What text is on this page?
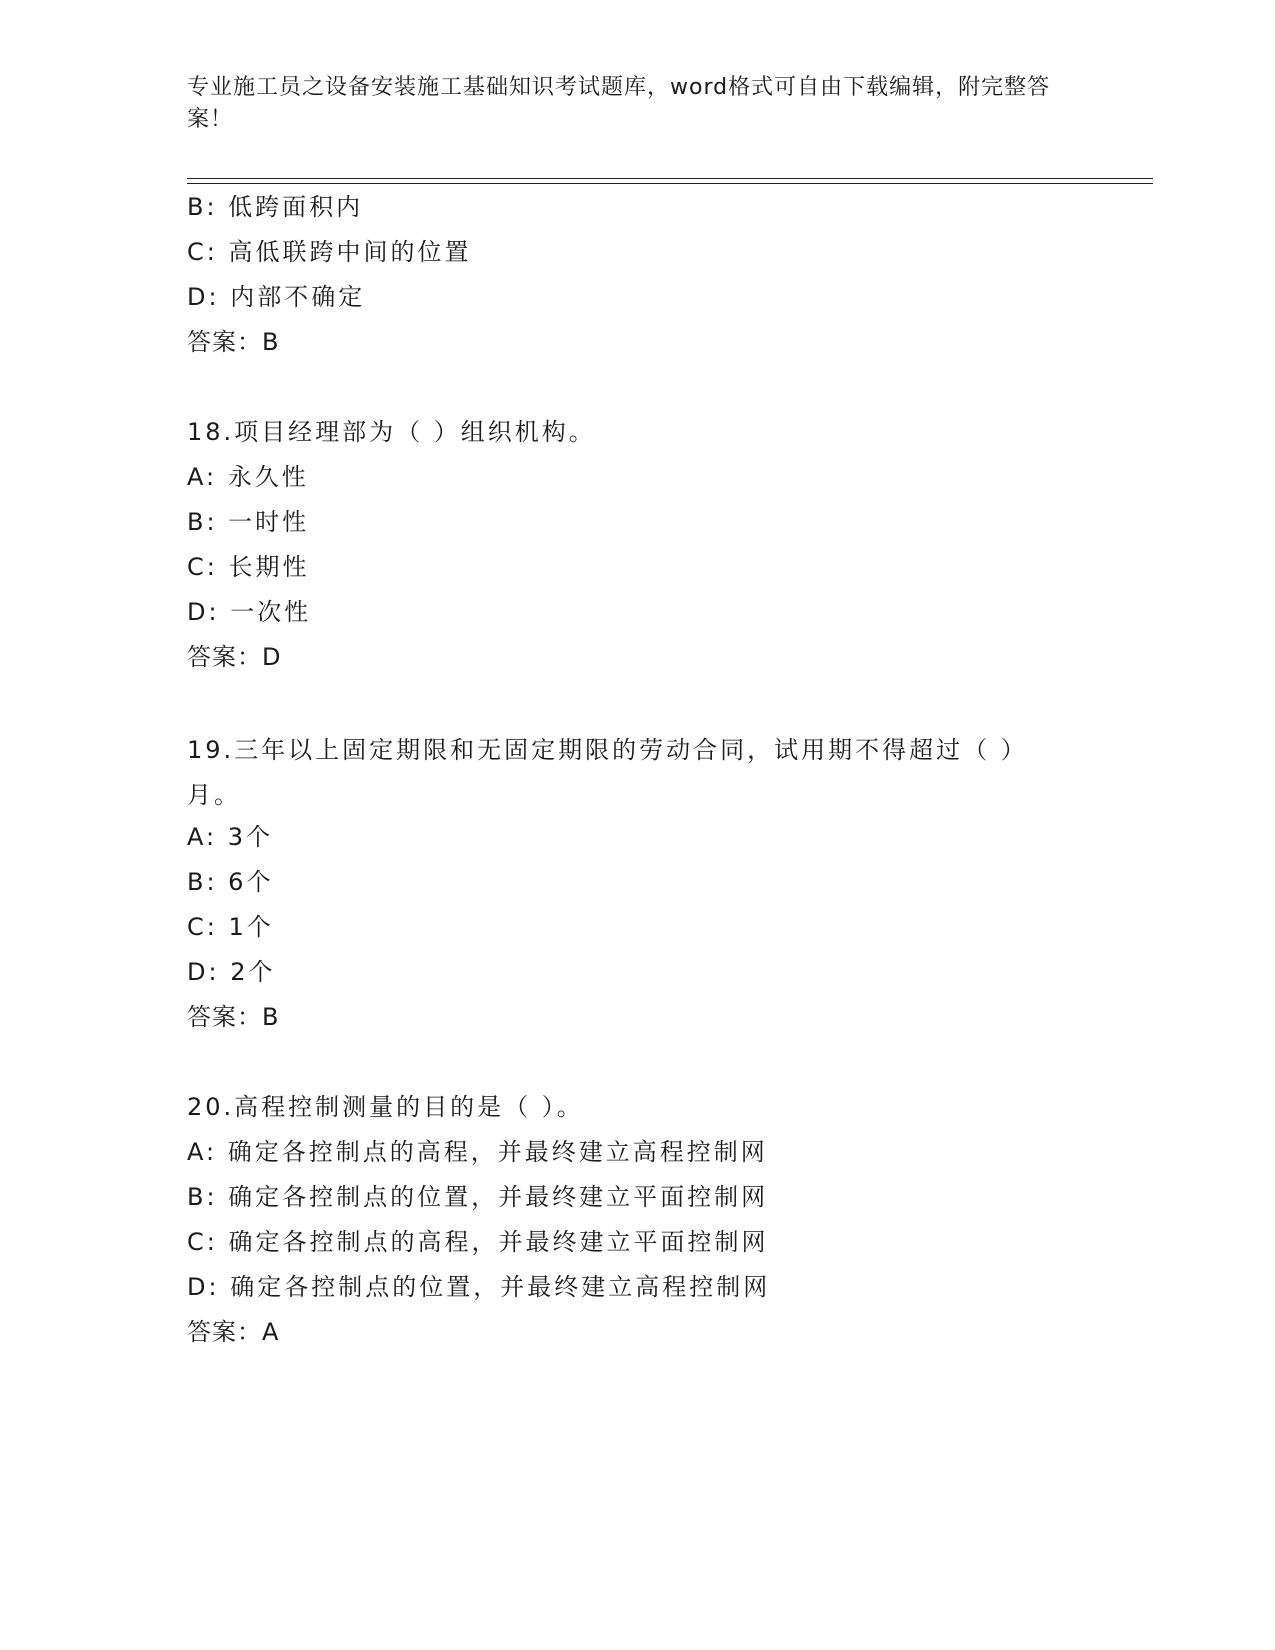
专业施工员之设备安装施工基础知识考试题库，word格式可自由下载编辑，附完整答案！
B: 低跨面积内
C: 高低联跨中间的位置
D: 内部不确定
答案：B
18.项目经理部为（ ）组织机构。
A: 永久性
B: 一时性
C: 长期性
D: 一次性
答案：D
19.三年以上固定期限和无固定期限的劳动合同，试用期不得超过（ ）月。
A: 3个
B: 6个
C: 1个
D: 2个
答案：B
20.高程控制测量的目的是（ ）。
A: 确定各控制点的高程，并最终建立高程控制网
B: 确定各控制点的位置，并最终建立平面控制网
C: 确定各控制点的高程，并最终建立平面控制网
D: 确定各控制点的位置，并最终建立高程控制网
答案：A
